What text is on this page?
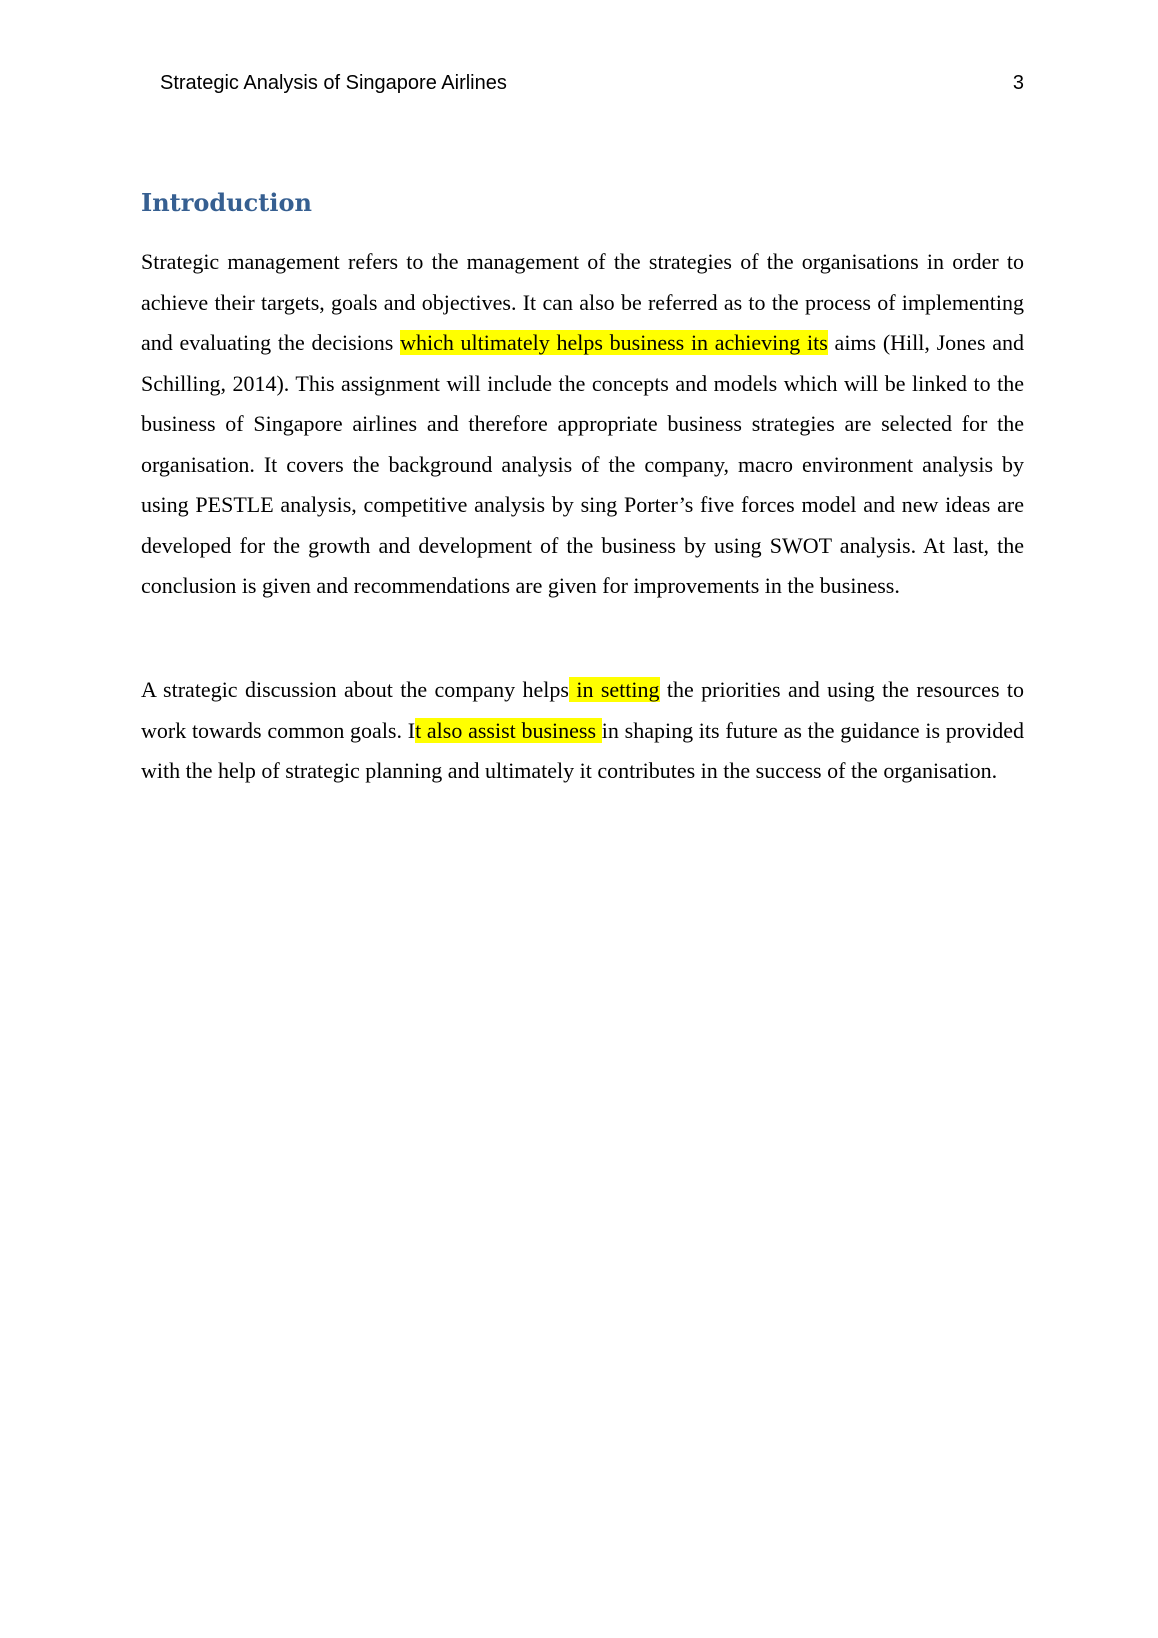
Strategic Analysis of Singapore Airlines	3
Introduction

Strategic management refers to the management of the strategies of the organisations in order to achieve their targets, goals and objectives. It can also be referred as to the process of implementing and evaluating the decisions which ultimately helps business in achieving its aims (Hill, Jones and Schilling, 2014). This assignment will include the concepts and models which will be linked to the business of Singapore airlines and therefore appropriate business strategies are selected for the organisation. It covers the background analysis of the company, macro environment analysis by using PESTLE analysis, competitive analysis by sing Porter’s five forces model and new ideas are developed for the growth and development of the business by using SWOT analysis. At last, the conclusion is given and recommendations are given for improvements in the business.

A strategic discussion about the company helps in setting the priorities and using the resources to work towards common goals. It also assist business in shaping its future as the guidance is provided with the help of strategic planning and ultimately it contributes in the success of the organisation.
